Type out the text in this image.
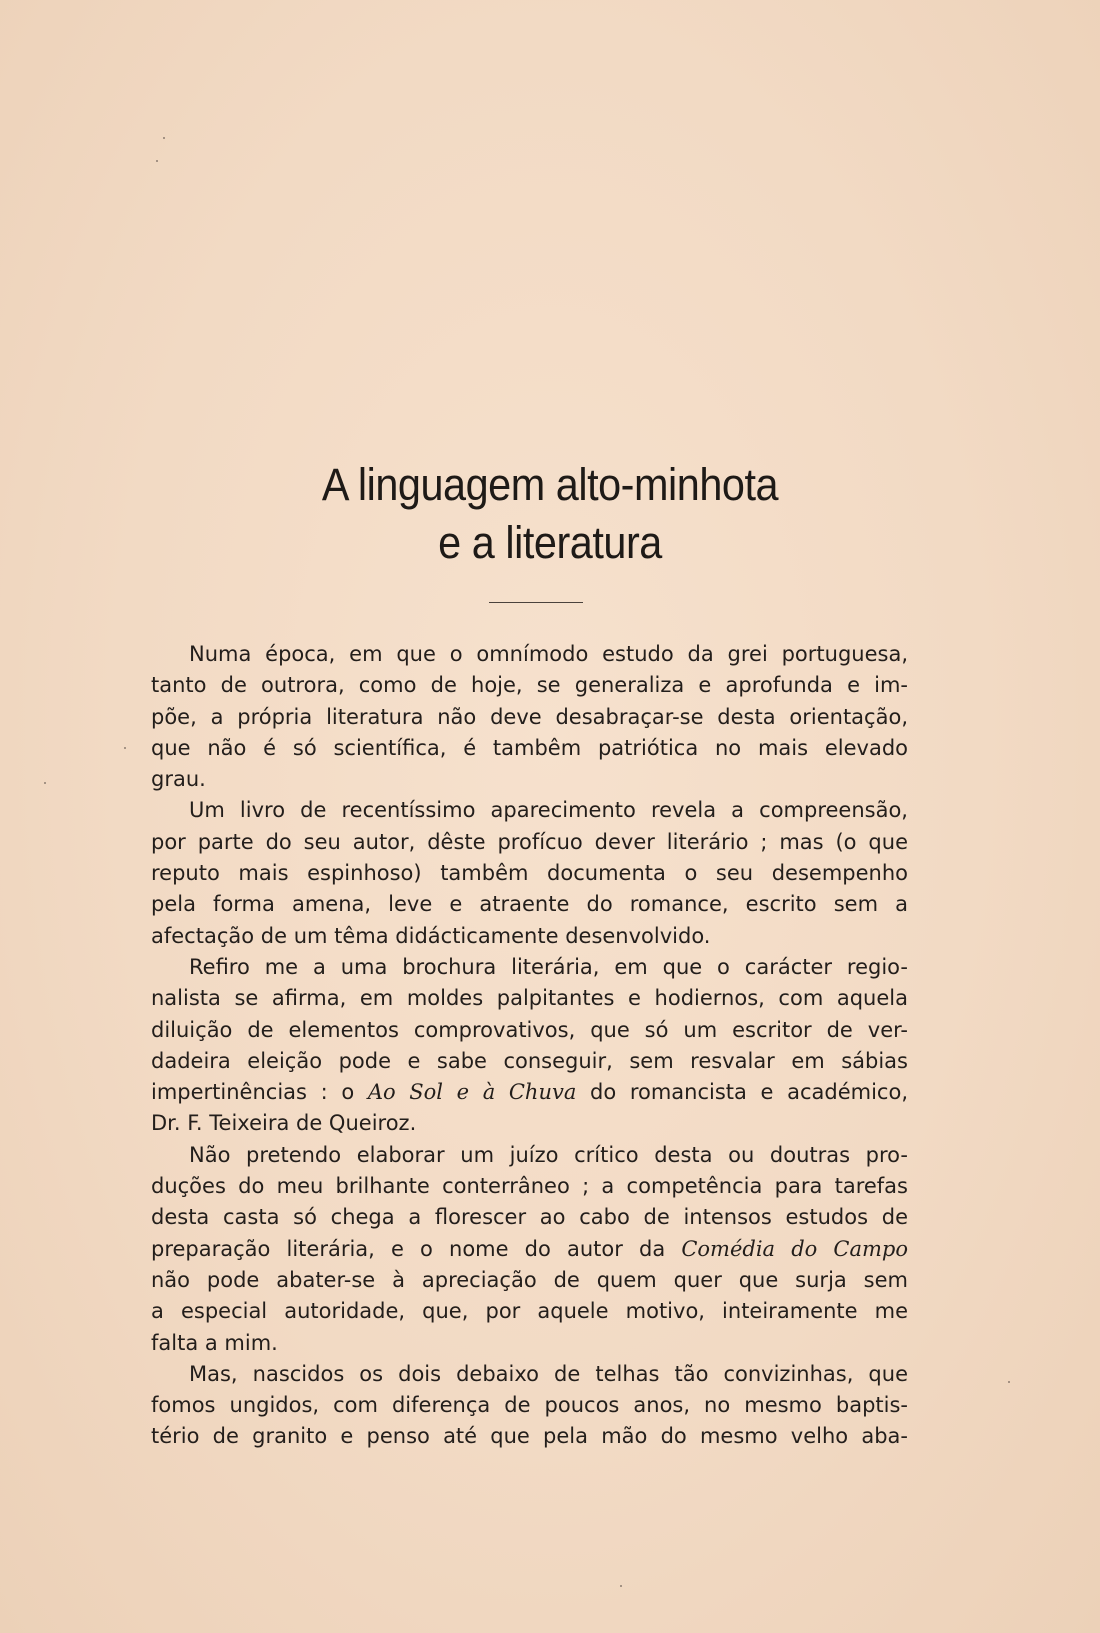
A linguagem alto-minhota
e a literatura
Numa época, em que o omnímodo estudo da grei portuguesa,
tanto de outrora, como de hoje, se generaliza e aprofunda e im-
põe, a própria literatura não deve desabraçar-se desta orientação,
que não é só scientífica, é tambêm patriótica no mais elevado
grau.
Um livro de recentíssimo aparecimento revela a compreensão,
por parte do seu autor, dêste profícuo dever literário ; mas (o que
reputo mais espinhoso) tambêm documenta o seu desempenho
pela forma amena, leve e atraente do romance, escrito sem a
afectação de um têma didácticamente desenvolvido.
Refiro me a uma brochura literária, em que o carácter regio-
nalista se afirma, em moldes palpitantes e hodiernos, com aquela
diluição de elementos comprovativos, que só um escritor de ver-
dadeira eleição pode e sabe conseguir, sem resvalar em sábias
impertinências : o Ao Sol e à Chuva do romancista e académico,
Dr. F. Teixeira de Queiroz.
Não pretendo elaborar um juízo crítico desta ou doutras pro-
duções do meu brilhante conterrâneo ; a competência para tarefas
desta casta só chega a florescer ao cabo de intensos estudos de
preparação literária, e o nome do autor da Comédia do Campo
não pode abater-se à apreciação de quem quer que surja sem
a especial autoridade, que, por aquele motivo, inteiramente me
falta a mim.
Mas, nascidos os dois debaixo de telhas tão convizinhas, que
fomos ungidos, com diferença de poucos anos, no mesmo baptis-
tério de granito e penso até que pela mão do mesmo velho aba-
